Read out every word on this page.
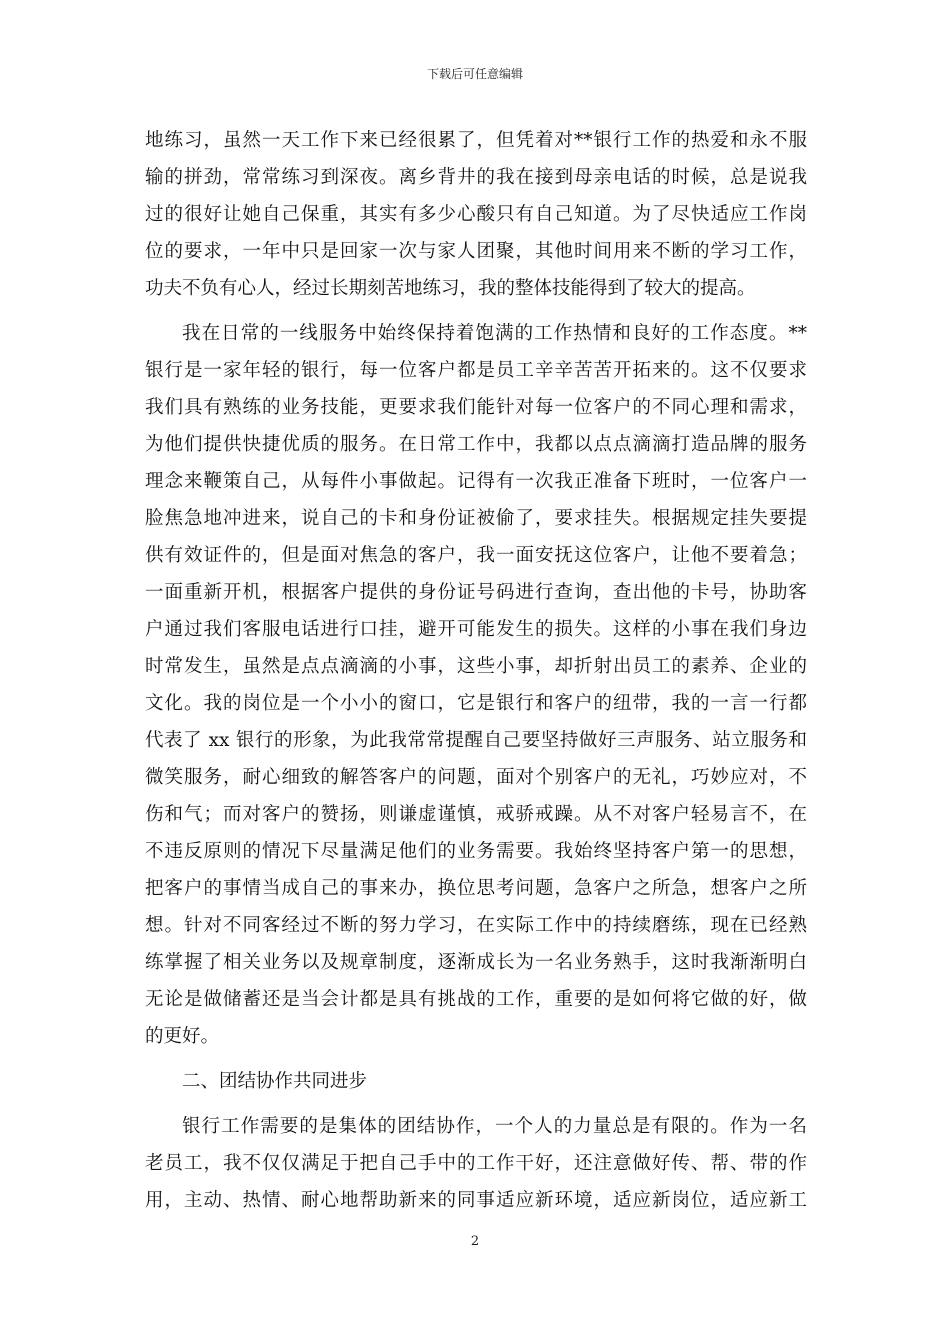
下载后可任意编辑
地练习，虽然一天工作下来已经很累了，但凭着对**银行工作的热爱和永不服
输的拼劲，常常练习到深夜。离乡背井的我在接到母亲电话的时候，总是说我
过的很好让她自己保重，其实有多少心酸只有自己知道。为了尽快适应工作岗
位的要求，一年中只是回家一次与家人团聚，其他时间用来不断的学习工作，
功夫不负有心人，经过长期刻苦地练习，我的整体技能得到了较大的提高。
我在日常的一线服务中始终保持着饱满的工作热情和良好的工作态度。**
银行是一家年轻的银行，每一位客户都是员工辛辛苦苦开拓来的。这不仅要求
我们具有熟练的业务技能，更要求我们能针对每一位客户的不同心理和需求，
为他们提供快捷优质的服务。在日常工作中，我都以点点滴滴打造品牌的服务
理念来鞭策自己，从每件小事做起。记得有一次我正准备下班时，一位客户一
脸焦急地冲进来，说自己的卡和身份证被偷了，要求挂失。根据规定挂失要提
供有效证件的，但是面对焦急的客户，我一面安抚这位客户，让他不要着急；
一面重新开机，根据客户提供的身份证号码进行查询，查出他的卡号，协助客
户通过我们客服电话进行口挂，避开可能发生的损失。这样的小事在我们身边
时常发生，虽然是点点滴滴的小事，这些小事，却折射出员工的素养、企业的
文化。我的岗位是一个小小的窗口，它是银行和客户的纽带，我的一言一行都
代表了 xx 银行的形象，为此我常常提醒自己要坚持做好三声服务、站立服务和
微笑服务，耐心细致的解答客户的问题，面对个别客户的无礼，巧妙应对，不
伤和气；而对客户的赞扬，则谦虚谨慎，戒骄戒躁。从不对客户轻易言不，在
不违反原则的情况下尽量满足他们的业务需要。我始终坚持客户第一的思想，
把客户的事情当成自己的事来办，换位思考问题，急客户之所急，想客户之所
想。针对不同客经过不断的努力学习，在实际工作中的持续磨练，现在已经熟
练掌握了相关业务以及规章制度，逐渐成长为一名业务熟手，这时我渐渐明白
无论是做储蓄还是当会计都是具有挑战的工作，重要的是如何将它做的好，做
的更好。
二、团结协作共同进步
银行工作需要的是集体的团结协作，一个人的力量总是有限的。作为一名
老员工，我不仅仅满足于把自己手中的工作干好，还注意做好传、帮、带的作
用，主动、热情、耐心地帮助新来的同事适应新环境，适应新岗位，适应新工
2
